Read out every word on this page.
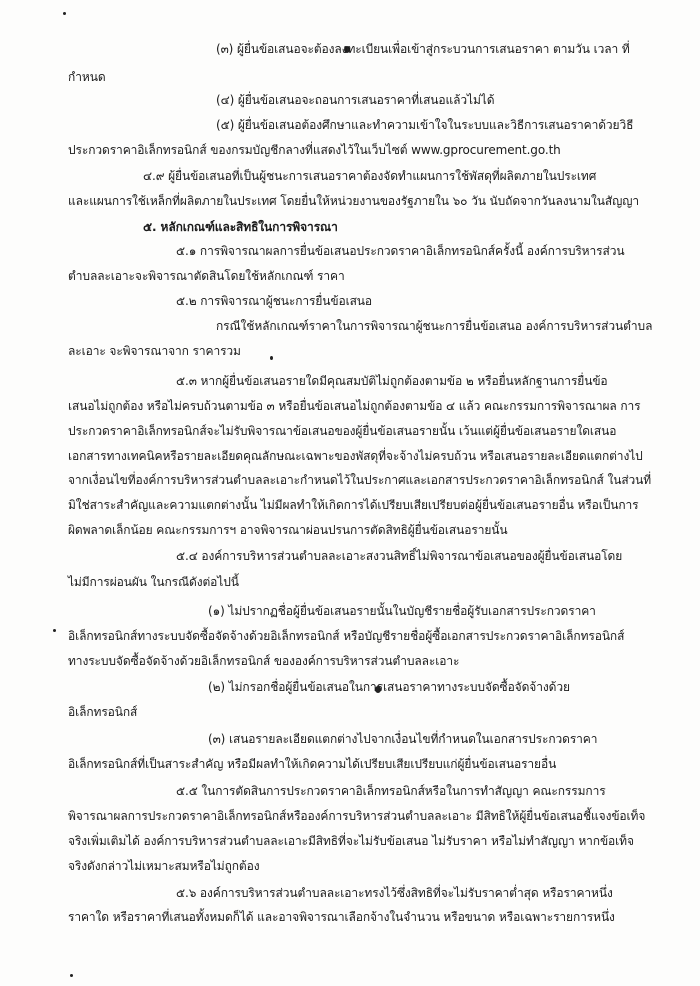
(๓) ผู้ยื่นข้อเสนอจะต้องลงทะเบียนเพื่อเข้าสู่กระบวนการเสนอราคา ตามวัน เวลา ที่
กำหนด
(๔) ผู้ยื่นข้อเสนอจะถอนการเสนอราคาที่เสนอแล้วไม่ได้
(๕) ผู้ยื่นข้อเสนอต้องศึกษาและทำความเข้าใจในระบบและวิธีการเสนอราคาด้วยวิธี
ประกวดราคาอิเล็กทรอนิกส์ ของกรมบัญชีกลางที่แสดงไว้ในเว็บไซต์ www.gprocurement.go.th
๔.๙ ผู้ยื่นข้อเสนอที่เป็นผู้ชนะการเสนอราคาต้องจัดทำแผนการใช้พัสดุที่ผลิตภายในประเทศ
และแผนการใช้เหล็กที่ผลิตภายในประเทศ โดยยื่นให้หน่วยงานของรัฐภายใน ๖๐ วัน นับถัดจากวันลงนามในสัญญา
๕. หลักเกณฑ์และสิทธิในการพิจารณา
๕.๑ การพิจารณาผลการยื่นข้อเสนอประกวดราคาอิเล็กทรอนิกส์ครั้งนี้ องค์การบริหารส่วน
ตำบลละเอาะจะพิจารณาตัดสินโดยใช้หลักเกณฑ์ ราคา
๕.๒ การพิจารณาผู้ชนะการยื่นข้อเสนอ
กรณีใช้หลักเกณฑ์ราคาในการพิจารณาผู้ชนะการยื่นข้อเสนอ องค์การบริหารส่วนตำบล
ละเอาะ จะพิจารณาจาก ราคารวม
๕.๓ หากผู้ยื่นข้อเสนอรายใดมีคุณสมบัติไม่ถูกต้องตามข้อ ๒ หรือยื่นหลักฐานการยื่นข้อ
เสนอไม่ถูกต้อง หรือไม่ครบถ้วนตามข้อ ๓ หรือยื่นข้อเสนอไม่ถูกต้องตามข้อ ๔ แล้ว คณะกรรมการพิจารณาผล การ
ประกวดราคาอิเล็กทรอนิกส์จะไม่รับพิจารณาข้อเสนอของผู้ยื่นข้อเสนอรายนั้น เว้นแต่ผู้ยื่นข้อเสนอรายใดเสนอ
เอกสารทางเทคนิคหรือรายละเอียดคุณลักษณะเฉพาะของพัสดุที่จะจ้างไม่ครบถ้วน หรือเสนอรายละเอียดแตกต่างไป
จากเงื่อนไขที่องค์การบริหารส่วนตำบลละเอาะกำหนดไว้ในประกาศและเอกสารประกวดราคาอิเล็กทรอนิกส์ ในส่วนที่
มิใช่สาระสำคัญและความแตกต่างนั้น ไม่มีผลทำให้เกิดการได้เปรียบเสียเปรียบต่อผู้ยื่นข้อเสนอรายอื่น หรือเป็นการ
ผิดพลาดเล็กน้อย คณะกรรมการฯ อาจพิจารณาผ่อนปรนการตัดสิทธิผู้ยื่นข้อเสนอรายนั้น
๕.๔ องค์การบริหารส่วนตำบลละเอาะสงวนสิทธิ์ไม่พิจารณาข้อเสนอของผู้ยื่นข้อเสนอโดย
ไม่มีการผ่อนผัน ในกรณีดังต่อไปนี้
(๑) ไม่ปรากฏชื่อผู้ยื่นข้อเสนอรายนั้นในบัญชีรายชื่อผู้รับเอกสารประกวดราคา
อิเล็กทรอนิกส์ทางระบบจัดซื้อจัดจ้างด้วยอิเล็กทรอนิกส์ หรือบัญชีรายชื่อผู้ซื้อเอกสารประกวดราคาอิเล็กทรอนิกส์
ทางระบบจัดซื้อจัดจ้างด้วยอิเล็กทรอนิกส์ ขององค์การบริหารส่วนตำบลละเอาะ
(๒) ไม่กรอกชื่อผู้ยื่นข้อเสนอในการเสนอราคาทางระบบจัดซื้อจัดจ้างด้วย
อิเล็กทรอนิกส์
(๓) เสนอรายละเอียดแตกต่างไปจากเงื่อนไขที่กำหนดในเอกสารประกวดราคา
อิเล็กทรอนิกส์ที่เป็นสาระสำคัญ หรือมีผลทำให้เกิดความได้เปรียบเสียเปรียบแก่ผู้ยื่นข้อเสนอรายอื่น
๕.๕ ในการตัดสินการประกวดราคาอิเล็กทรอนิกส์หรือในการทำสัญญา คณะกรรมการ
พิจารณาผลการประกวดราคาอิเล็กทรอนิกส์หรือองค์การบริหารส่วนตำบลละเอาะ มีสิทธิให้ผู้ยื่นข้อเสนอชี้แจงข้อเท็จ
จริงเพิ่มเติมได้ องค์การบริหารส่วนตำบลละเอาะมีสิทธิที่จะไม่รับข้อเสนอ ไม่รับราคา หรือไม่ทำสัญญา หากข้อเท็จ
จริงดังกล่าวไม่เหมาะสมหรือไม่ถูกต้อง
๕.๖ องค์การบริหารส่วนตำบลละเอาะทรงไว้ซึ่งสิทธิที่จะไม่รับราคาต่ำสุด หรือราคาหนึ่ง
ราคาใด หรือราคาที่เสนอทั้งหมดก็ได้ และอาจพิจารณาเลือกจ้างในจำนวน หรือขนาด หรือเฉพาะรายการหนึ่ง
